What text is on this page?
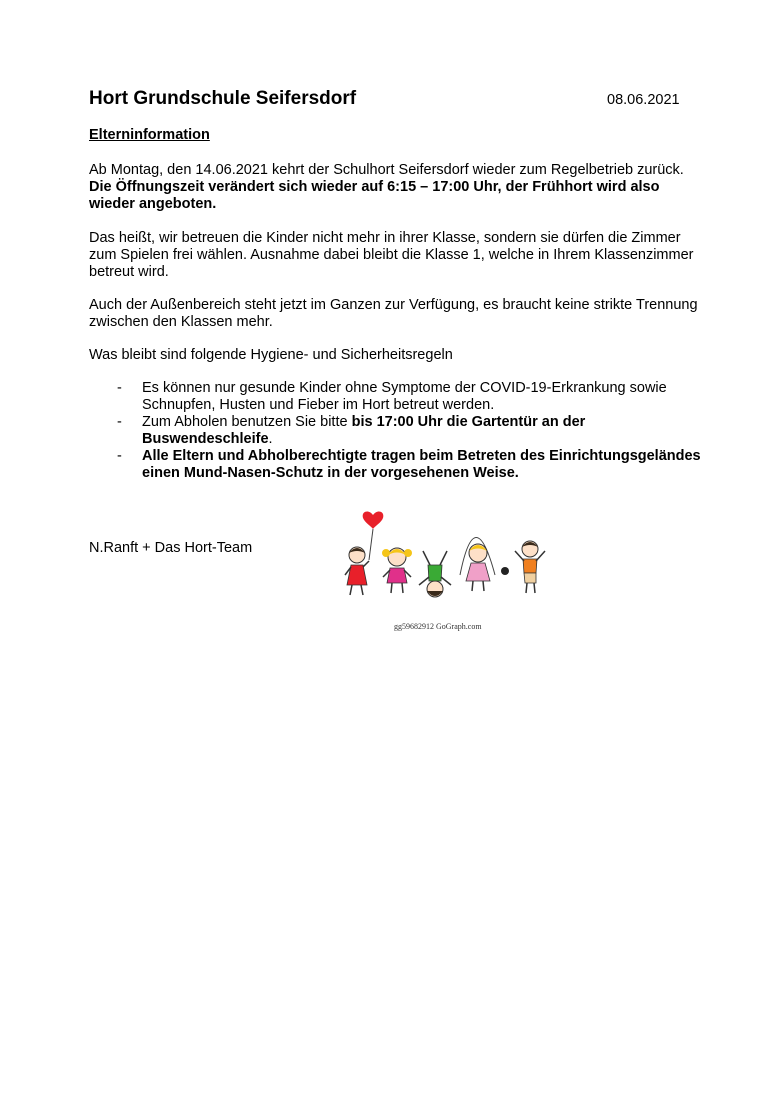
Hort Grundschule Seifersdorf	08.06.2021
Elterninformation

Ab Montag, den 14.06.2021 kehrt der Schulhort Seifersdorf wieder zum Regelbetrieb zurück.
Die Öffnungszeit verändert sich wieder auf 6:15 – 17:00 Uhr, der Frühhort wird also wieder angeboten.

Das heißt, wir betreuen die Kinder nicht mehr in ihrer Klasse, sondern sie dürfen die Zimmer zum Spielen frei wählen. Ausnahme dabei bleibt die Klasse 1, welche in Ihrem Klassenzimmer betreut wird.

Auch der Außenbereich steht jetzt im Ganzen zur Verfügung, es braucht keine strikte Trennung zwischen den Klassen mehr.

Was bleibt sind folgende Hygiene- und Sicherheitsregeln

- Es können nur gesunde Kinder ohne Symptome der COVID-19-Erkrankung sowie Schnupfen, Husten und Fieber im Hort betreut werden.
- Zum Abholen benutzen Sie bitte bis 17:00 Uhr die Gartentür an der Buswendeschleife.
- Alle Eltern und Abholberechtigte tragen beim Betreten des Einrichtungsgeländes einen Mund-Nasen-Schutz in der vorgesehenen Weise.
N.Ranft + Das Hort-Team
gg59682912 GoGraph.com
